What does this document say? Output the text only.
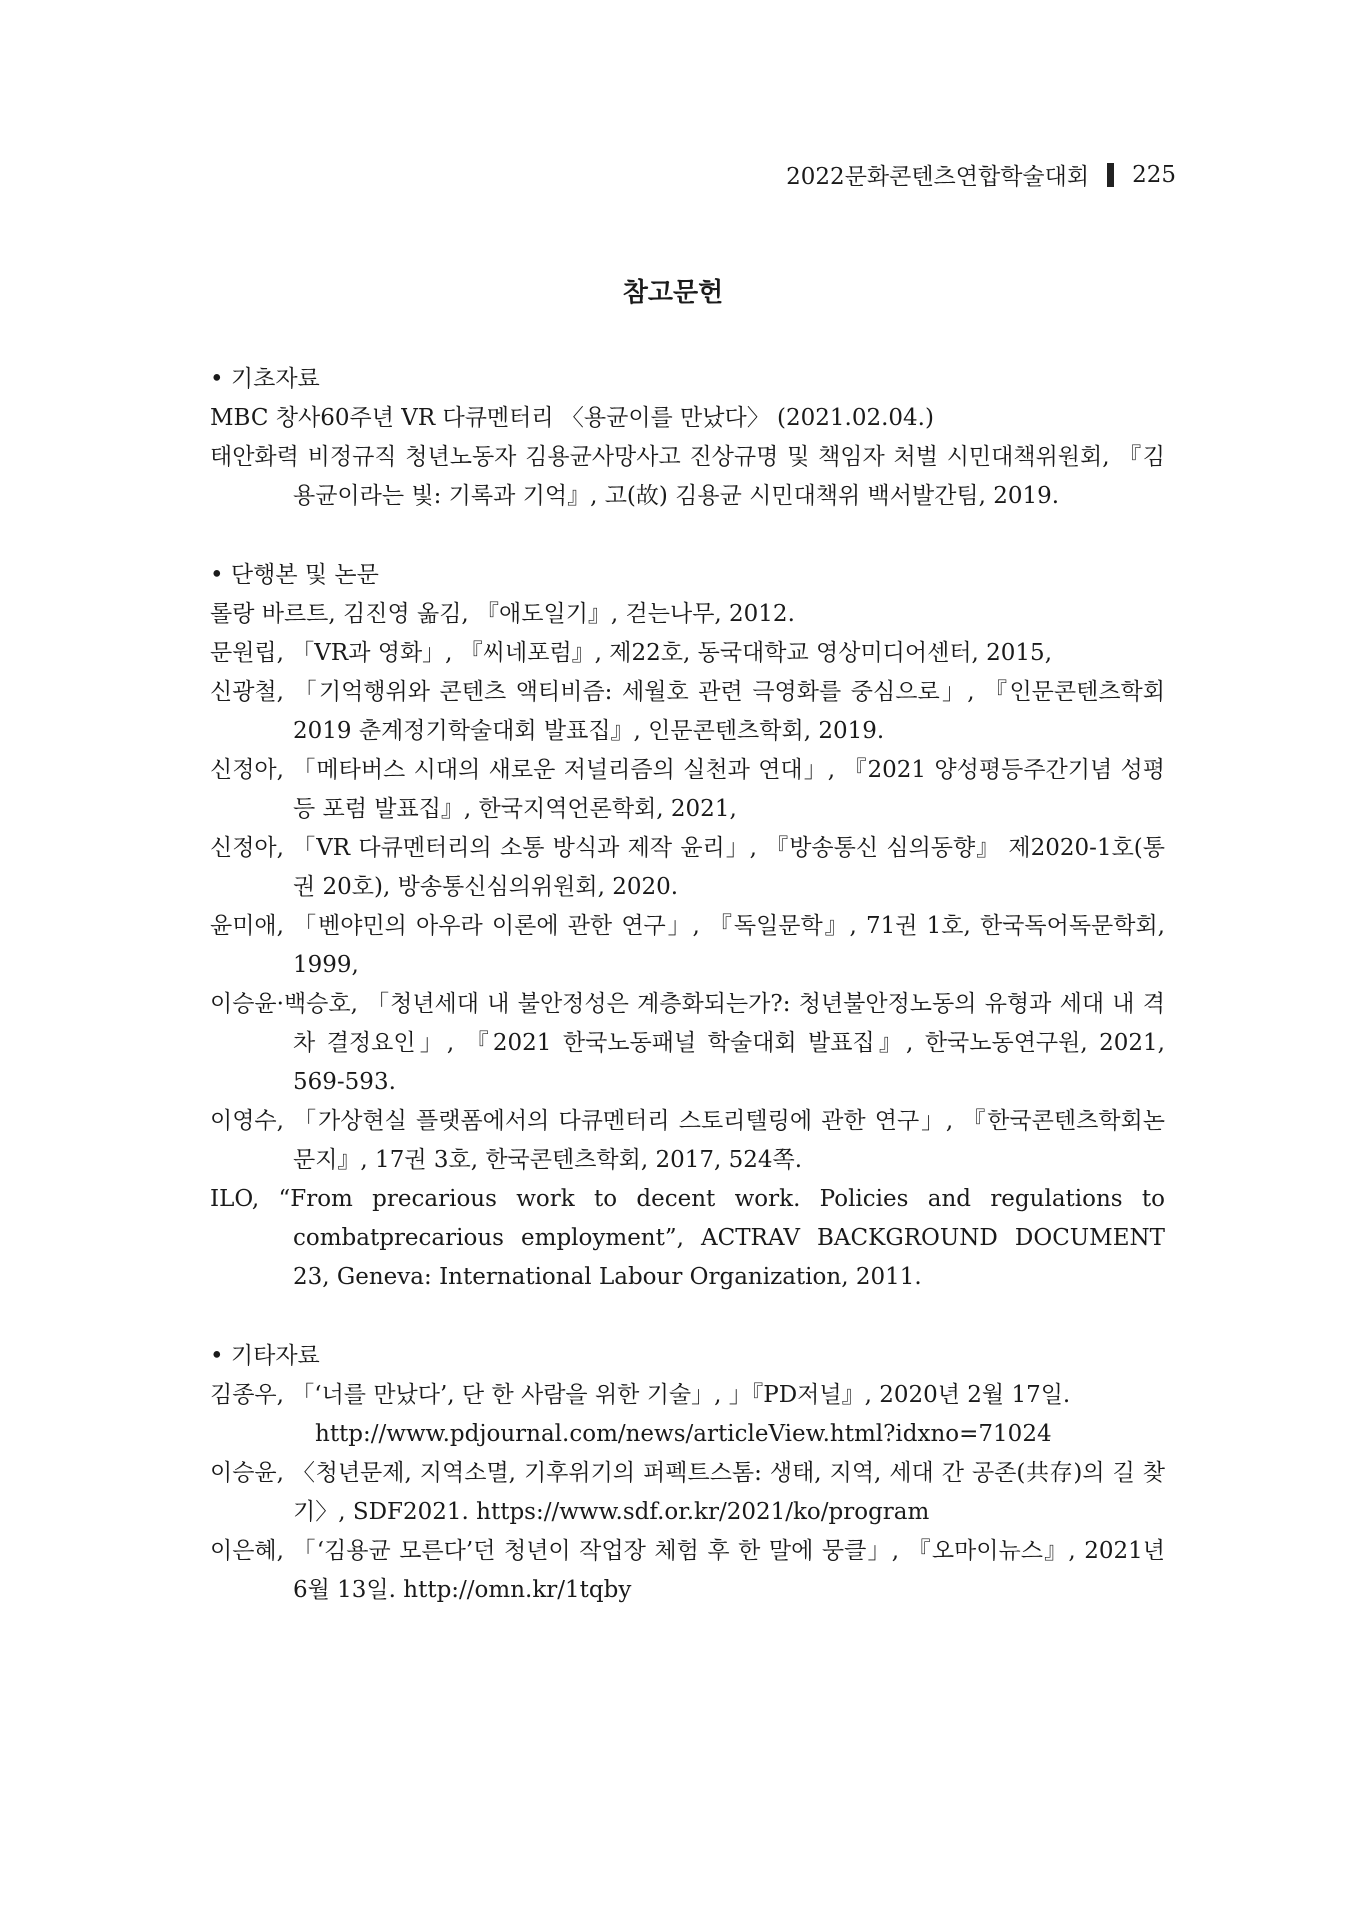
2022문화콘텐츠연합학술대회 225
참고문헌

• 기초자료

MBC 창사60주년 VR 다큐멘터리 〈용균이를 만났다〉 (2021.02.04.)

태안화력 비정규직 청년노동자 김용균사망사고 진상규명 및 책임자 처벌 시민대책위원회, 『김용균이라는 빛: 기록과 기억』, 고(故) 김용균 시민대책위 백서발간팀, 2019.

• 단행본 및 논문

롤랑 바르트, 김진영 옮김, 『애도일기』, 걷는나무, 2012.

문원립, 「VR과 영화」, 『씨네포럼』, 제22호, 동국대학교 영상미디어센터, 2015,

신광철, 「기억행위와 콘텐츠 액티비즘: 세월호 관련 극영화를 중심으로」, 『인문콘텐츠학회 2019 춘계정기학술대회 발표집』, 인문콘텐츠학회, 2019.

신정아, 「메타버스 시대의 새로운 저널리즘의 실천과 연대」, 『2021 양성평등주간기념 성평등 포럼 발표집』, 한국지역언론학회, 2021,

신정아, 「VR 다큐멘터리의 소통 방식과 제작 윤리」, 『방송통신 심의동향』 제2020-1호(통권 20호), 방송통신심의위원회, 2020.

윤미애, 「벤야민의 아우라 이론에 관한 연구」, 『독일문학』, 71권 1호, 한국독어독문학회, 1999,

이승윤·백승호, 「청년세대 내 불안정성은 계층화되는가?: 청년불안정노동의 유형과 세대 내 격차 결정요인」, 『2021 한국노동패널 학술대회 발표집』, 한국노동연구원, 2021, 569-593.

이영수, 「가상현실 플랫폼에서의 다큐멘터리 스토리텔링에 관한 연구」, 『한국콘텐츠학회논문지』, 17권 3호, 한국콘텐츠학회, 2017, 524쪽.

ILO, “From precarious work to decent work. Policies and regulations to combatprecarious employment”, ACTRAV BACKGROUND DOCUMENT 23, Geneva: International Labour Organization, 2011.

• 기타자료

김종우, 「‘너를 만났다’, 단 한 사람을 위한 기술」, 」『PD저널』, 2020년 2월 17일.
http://www.pdjournal.com/news/articleView.html?idxno=71024

이승윤, 〈청년문제, 지역소멸, 기후위기의 퍼펙트스톰: 생태, 지역, 세대 간 공존(共存)의 길 찾기〉, SDF2021. https://www.sdf.or.kr/2021/ko/program

이은혜, 「‘김용균 모른다’던 청년이 작업장 체험 후 한 말에 뭉클」, 『오마이뉴스』, 2021년 6월 13일. http://omn.kr/1tqby
